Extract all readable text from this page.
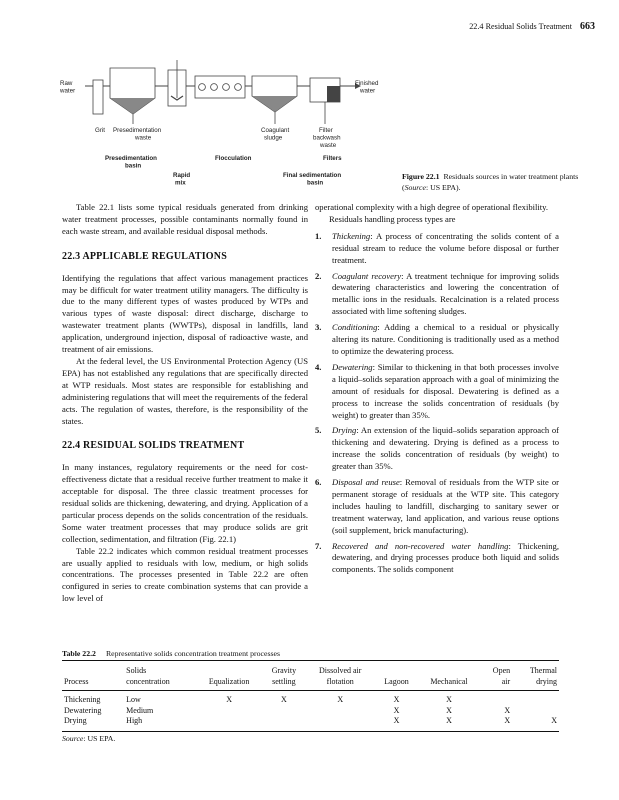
22.4 Residual Solids Treatment 663
Raw water
Finished water
Grit Presedimentation waste
Coagulant sludge
Filter backwash waste
Presedimentation basin
Flocculation	Filters
Rapid mix
Final sedimentation basin
Figure 22.1 Residuals sources in water treatment plants (Source: US EPA).

Table 22.1 lists some typical residuals generated from drinking water treatment processes, possible contaminants normally found in each waste stream, and available residual disposal methods.

22.3 APPLICABLE REGULATIONS

Identifying the regulations that affect various management practices may be difficult for water treatment utility managers. The difficulty is due to the many different types of wastes produced by WTPs and various types of waste disposal: direct discharge, discharge to wastewater treatment plants (WWTPs), disposal in landfills, land application, underground injection, disposal of radioactive waste, and treatment of air emissions.

At the federal level, the US Environmental Protection Agency (US EPA) has not established any regulations that are specifically directed at WTP residuals. Most states are responsible for establishing and administering regulations that will meet the requirements of the federal acts. The regulation of wastes, therefore, is the responsibility of the states.

22.4 RESIDUAL SOLIDS TREATMENT

In many instances, regulatory requirements or the need for cost-effectiveness dictate that a residual receive further treatment to make it acceptable for disposal. The three classic treatment processes for residual solids are thickening, dewatering, and drying. Application of a particular process depends on the solids concentration of the residuals. Some water treatment processes that may produce solids are grit collection, sedimentation, and filtration (Fig. 22.1)

Table 22.2 indicates which common residual treatment processes are usually applied to residuals with low, medium, or high solids concentrations. The processes presented in Table 22.2 are often configured in series to create combination systems that can provide a low level of

operational complexity with a high degree of operational flexibility.

Residuals handling process types are

1. Thickening: A process of concentrating the solids content of a residual stream to reduce the volume before disposal or further treatment.
2. Coagulant recovery: A treatment technique for improving solids dewatering characteristics and lowering the concentration of metallic ions in the residuals. Recalcination is a related process associated with lime softening sludges.
3. Conditioning: Adding a chemical to a residual or physically altering its nature. Conditioning is traditionally used as a method to optimize the dewatering process.
4. Dewatering: Similar to thickening in that both processes involve a liquid–solids separation approach with a goal of minimizing the amount of residuals for disposal. Dewatering is defined as a process to increase the solids concentration of residuals (by weight) to greater than 35%.
5. Drying: An extension of the liquid–solids separation approach of thickening and dewatering. Drying is defined as a process to increase the solids concentration of residuals (by weight) to greater than 35%.
6. Disposal and reuse: Removal of residuals from the WTP site or permanent storage of residuals at the WTP site. This category includes hauling to landfill, discharging to sanitary sewer or treatment waterway, land application, and various reuse options (soil supplement, brick manufacturing).
7. Recovered and non-recovered water handling: Thickening, dewatering, and drying processes produce both liquid and solids components. The solids component
Table 22.2 Representative solids concentration treatment processes
	Solids		Gravity	Dissolved air			Open	Thermal
Process	concentration	Equalization	settling	flotation	Lagoon	Mechanical	air	drying
Thickening	Low	X	X	X	X	X		
Dewatering	Medium				X	X	X	
Drying	High				X	X	X	X
Source: US EPA.
